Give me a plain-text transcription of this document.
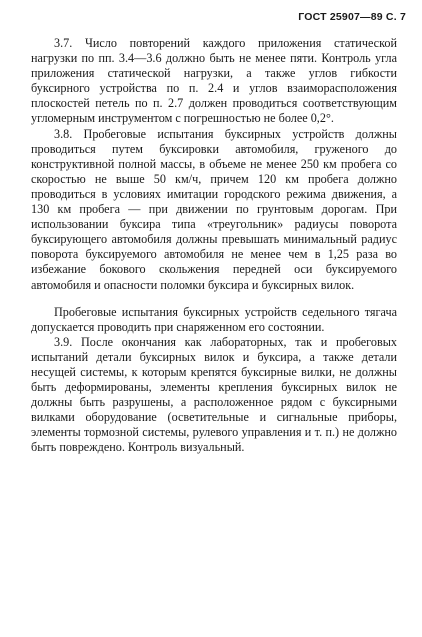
ГОСТ 25907—89 С. 7

3.7. Число повторений каждого приложения статической нагрузки по пп. 3.4—3.6 должно быть не менее пяти. Контроль угла приложения статической нагрузки, а также углов гибкости буксирного устройства по п. 2.4 и углов взаиморасположения плоскостей петель по п. 2.7 должен проводиться соответствующим угломерным инструментом с погрешностью не более 0,2°.

3.8. Пробеговые испытания буксирных устройств должны проводиться путем буксировки автомобиля, груженого до конструктивной полной массы, в объеме не менее 250 км пробега со скоростью не выше 50 км/ч, причем 120 км пробега должно проводиться в условиях имитации городского режима движения, а 130 км пробега — при движении по грунтовым дорогам. При использовании буксира типа «треугольник» радиусы поворота буксирующего автомобиля должны превышать минимальный радиус поворота буксируемого автомобиля не менее чем в 1,25 раза во избежание бокового скольжения передней оси буксируемого автомобиля и опасности поломки буксира и буксирных вилок.

Пробеговые испытания буксирных устройств седельного тягача допускается проводить при снаряженном его состоянии.

3.9. После окончания как лабораторных, так и пробеговых испытаний детали буксирных вилок и буксира, а также детали несущей системы, к которым крепятся буксирные вилки, не должны быть деформированы, элементы крепления буксирных вилок не должны быть разрушены, а расположенное рядом с буксирными вилками оборудование (осветительные и сигнальные приборы, элементы тормозной системы, рулевого управления и т. п.) не должно быть повреждено. Контроль визуальный.
